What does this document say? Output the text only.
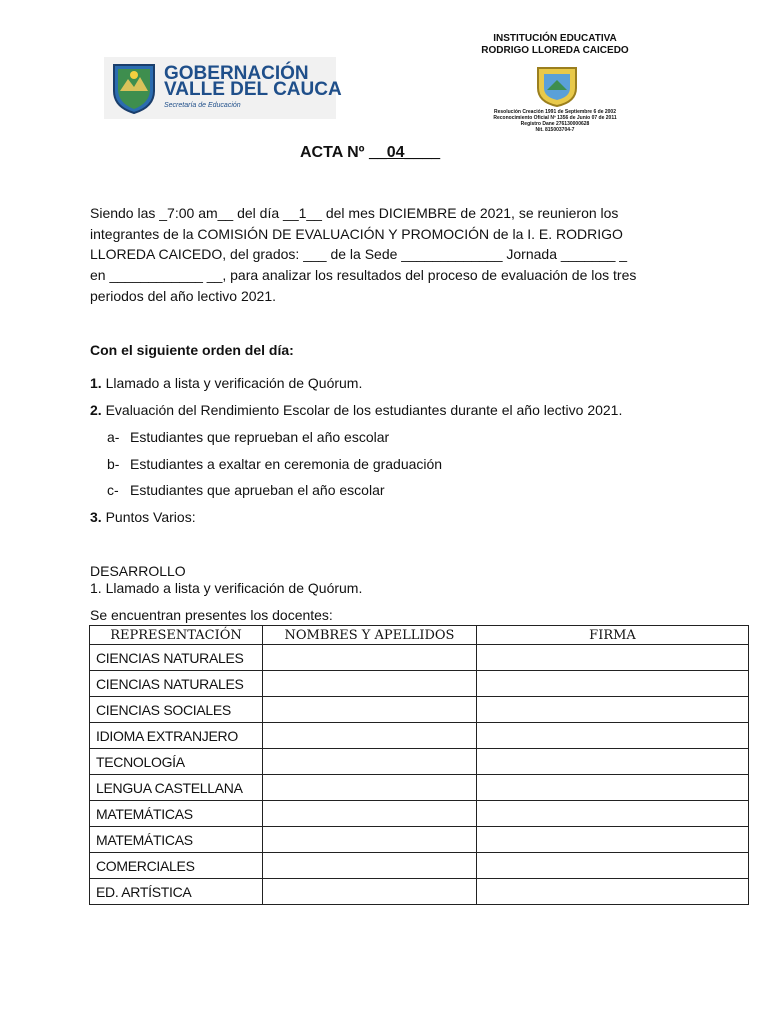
GOBERNACIÓN
VALLE DEL CAUCA
Secretaría de Educación
INSTITUCIÓN EDUCATIVA
RODRIGO LLOREDA CAICEDO
Resolución Creación 1991 de Septiembre 6 de 2002
Reconocimiento Oficial Nº 1356 de Junio 07 de 2011
Registro Dane 276130000628
Nit. 815003704-7
ACTA Nº __04____
Siendo las _7:00 am__ del día __1__ del mes DICIEMBRE de 2021, se reunieron los
integrantes de la COMISIÓN DE EVALUACIÓN Y PROMOCIÓN de la I. E. RODRIGO
LLOREDA CAICEDO, del grados: ___ de la Sede _____________ Jornada _______ _
en ____________ __, para analizar los resultados del proceso de evaluación de los tres
periodos del año lectivo 2021.
Con el siguiente orden del día:
1. Llamado a lista y verificación de Quórum.
2. Evaluación del Rendimiento Escolar de los estudiantes durante el año lectivo 2021.
a- Estudiantes que reprueban el año escolar
b- Estudiantes a exaltar en ceremonia de graduación
c- Estudiantes que aprueban el año escolar
3. Puntos Varios:
DESARROLLO
1. Llamado a lista y verificación de Quórum.
Se encuentran presentes los docentes:
REPRESENTACIÓN	NOMBRES Y APELLIDOS	FIRMA
CIENCIAS NATURALES		
CIENCIAS NATURALES		
CIENCIAS SOCIALES		
IDIOMA EXTRANJERO		
TECNOLOGÍA		
LENGUA CASTELLANA		
MATEMÁTICAS		
MATEMÁTICAS		
COMERCIALES		
ED. ARTÍSTICA		
